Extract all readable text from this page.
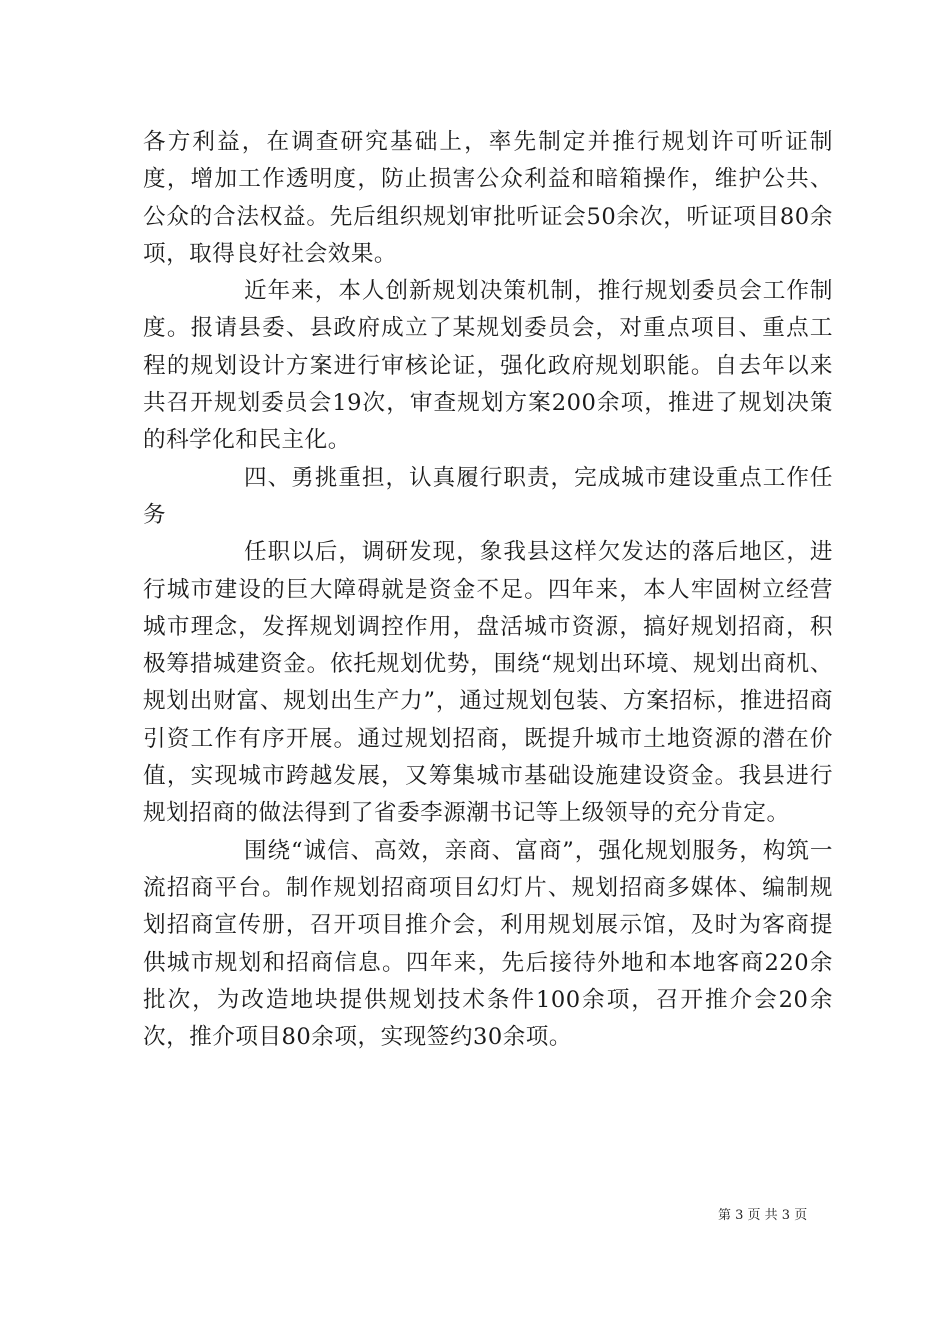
各方利益，在调查研究基础上，率先制定并推行规划许可听证制度，增加工作透明度，防止损害公众利益和暗箱操作，维护公共、公众的合法权益。先后组织规划审批听证会50余次，听证项目80余项，取得良好社会效果。

近年来，本人创新规划决策机制，推行规划委员会工作制度。报请县委、县政府成立了某规划委员会，对重点项目、重点工程的规划设计方案进行审核论证，强化政府规划职能。自去年以来共召开规划委员会19次，审查规划方案200余项，推进了规划决策的科学化和民主化。

四、勇挑重担，认真履行职责，完成城市建设重点工作任务

任职以后，调研发现，象我县这样欠发达的落后地区，进行城市建设的巨大障碍就是资金不足。四年来，本人牢固树立经营城市理念，发挥规划调控作用，盘活城市资源，搞好规划招商，积极筹措城建资金。依托规划优势，围绕“规划出环境、规划出商机、规划出财富、规划出生产力”，通过规划包装、方案招标，推进招商引资工作有序开展。通过规划招商，既提升城市土地资源的潜在价值，实现城市跨越发展，又筹集城市基础设施建设资金。我县进行规划招商的做法得到了省委李源潮书记等上级领导的充分肯定。

围绕“诚信、高效，亲商、富商”，强化规划服务，构筑一流招商平台。制作规划招商项目幻灯片、规划招商多媒体、编制规划招商宣传册，召开项目推介会，利用规划展示馆，及时为客商提供城市规划和招商信息。四年来，先后接待外地和本地客商220余批次，为改造地块提供规划技术条件100余项，召开推介会20余次，推介项目80余项，实现签约30余项。

第 3 页 共 3 页
